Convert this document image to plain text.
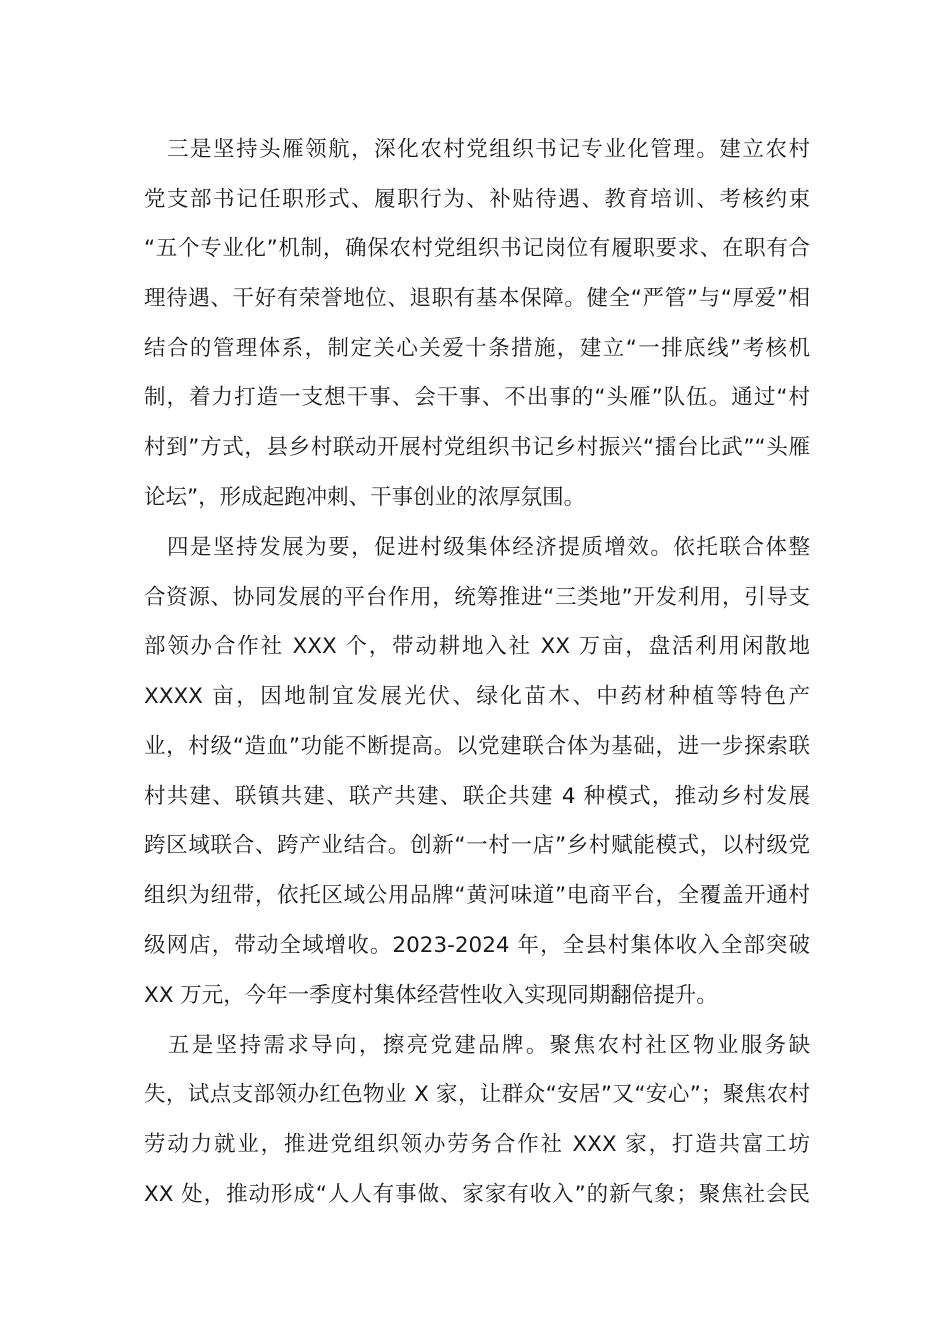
　三是坚持头雁领航，深化农村党组织书记专业化管理。建立农村
党支部书记任职形式、履职行为、补贴待遇、教育培训、考核约束
“五个专业化”机制，确保农村党组织书记岗位有履职要求、在职有合
理待遇、干好有荣誉地位、退职有基本保障。健全“严管”与“厚爱”相
结合的管理体系，制定关心关爱十条措施，建立“一排底线”考核机
制，着力打造一支想干事、会干事、不出事的“头雁”队伍。通过“村
村到”方式，县乡村联动开展村党组织书记乡村振兴“擂台比武”“头雁
论坛”，形成起跑冲刺、干事创业的浓厚氛围。
　四是坚持发展为要，促进村级集体经济提质增效。依托联合体整
合资源、协同发展的平台作用，统筹推进“三类地”开发利用，引导支
部领办合作社 XXX 个，带动耕地入社 XX 万亩，盘活利用闲散地
XXXX 亩，因地制宜发展光伏、绿化苗木、中药材种植等特色产
业，村级“造血”功能不断提高。以党建联合体为基础，进一步探索联
村共建、联镇共建、联产共建、联企共建 4 种模式，推动乡村发展
跨区域联合、跨产业结合。创新“一村一店”乡村赋能模式，以村级党
组织为纽带，依托区域公用品牌“黄河味道”电商平台，全覆盖开通村
级网店，带动全域增收。2023-2024 年，全县村集体收入全部突破
XX 万元，今年一季度村集体经营性收入实现同期翻倍提升。
　五是坚持需求导向，擦亮党建品牌。聚焦农村社区物业服务缺
失，试点支部领办红色物业 X 家，让群众“安居”又“安心”；聚焦农村
劳动力就业，推进党组织领办劳务合作社 XXX 家，打造共富工坊
XX 处，推动形成“人人有事做、家家有收入”的新气象；聚焦社会民
